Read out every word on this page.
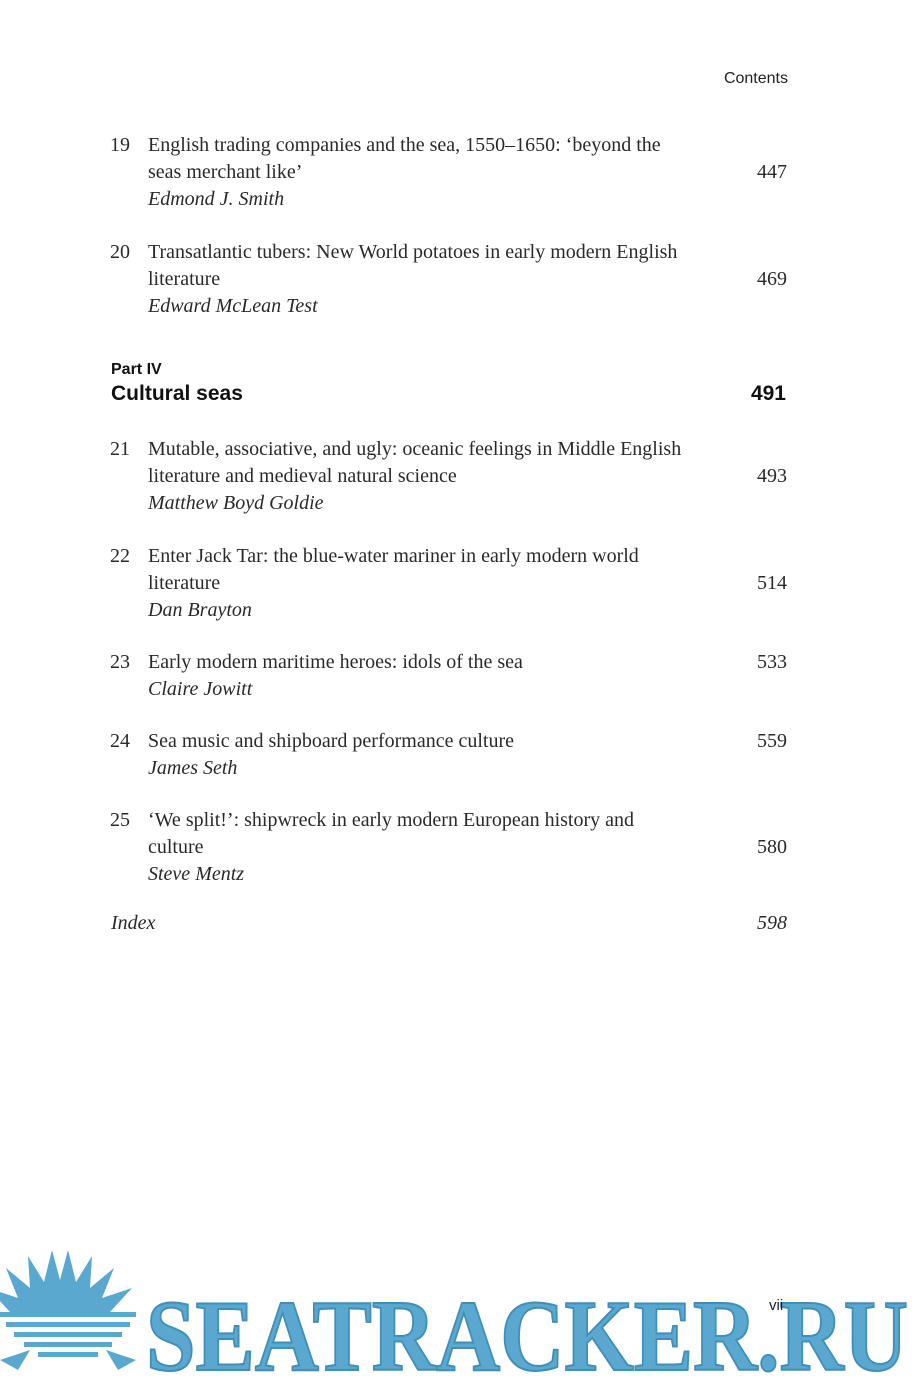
Contents
19 English trading companies and the sea, 1550–1650: ‘beyond the seas merchant like’
Edmond J. Smith
447
20 Transatlantic tubers: New World potatoes in early modern English literature
Edward McLean Test
469
Part IV
Cultural seas	491
21 Mutable, associative, and ugly: oceanic feelings in Middle English literature and medieval natural science
Matthew Boyd Goldie
493
22 Enter Jack Tar: the blue-water mariner in early modern world literature
Dan Brayton
514
23 Early modern maritime heroes: idols of the sea
Claire Jowitt
533
24 Sea music and shipboard performance culture
James Seth
559
25 ‘We split!’: shipwreck in early modern European history and culture
Steve Mentz
580
Index	598
SEATRACKER.RU
vii
